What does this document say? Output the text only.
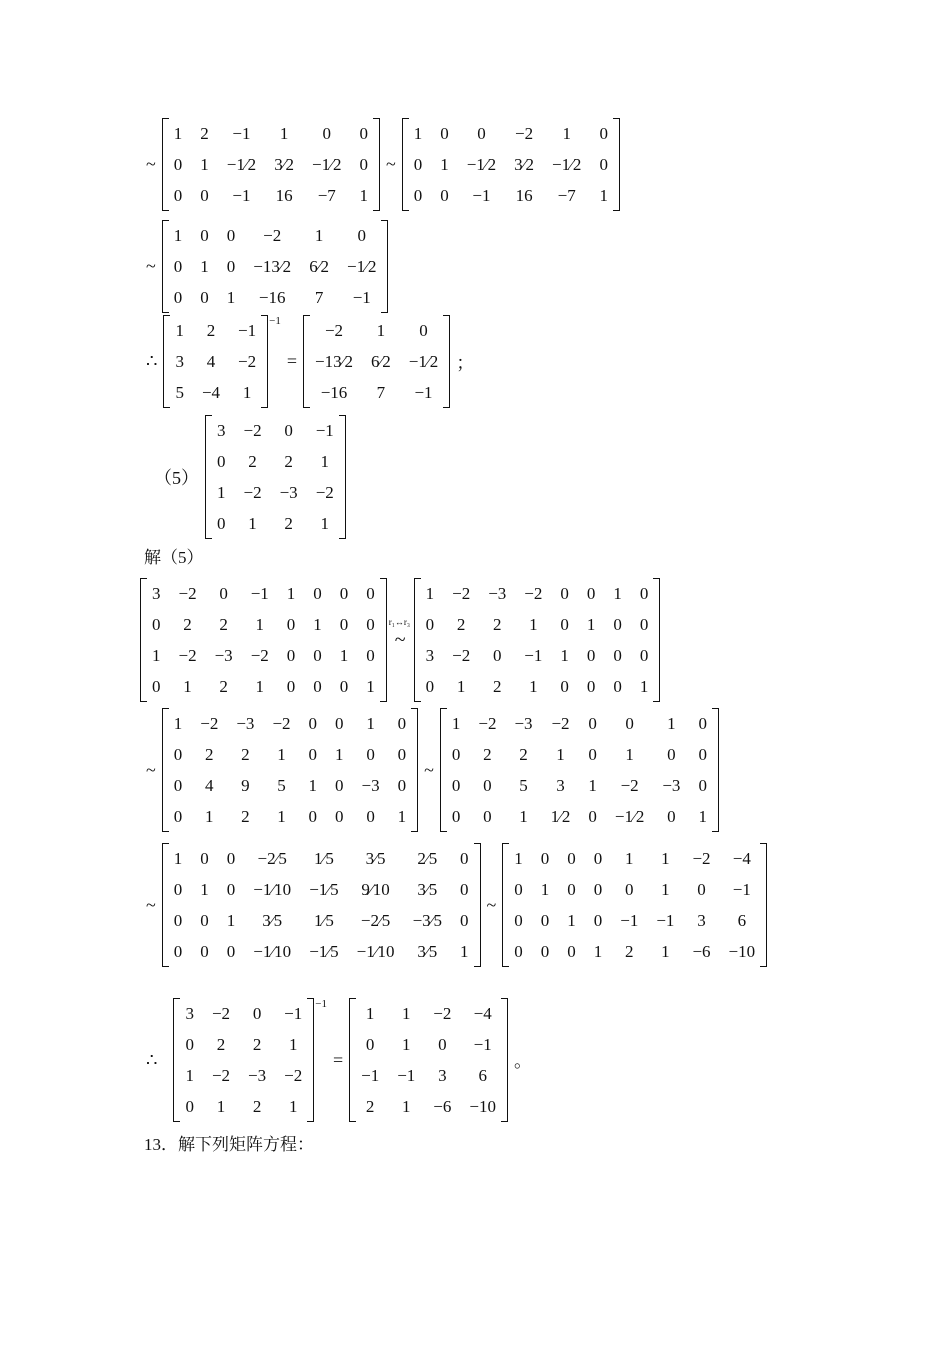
~
1	2	−1	1	0	0
0	1	−1⁄2	3⁄2	−1⁄2	0
0	0	−1	16	−7	1
~
1	0	0	−2	1	0
0	1	−1⁄2	3⁄2	−1⁄2	0
0	0	−1	16	−7	1
~
1	0	0	−2	1	0
0	1	0	−13⁄2	6⁄2	−1⁄2
0	0	1	−16	7	−1
∴
1	2	−1
3	4	−2
5	−4	1
−1
=
−2	1	0
−13⁄2	6⁄2	−1⁄2
−16	7	−1
；
（5）
3	−2	0	−1
0	2	2	1
1	−2	−3	−2
0	1	2	1
解（5）
3	−2	0	−1	1	0	0	0
0	2	2	1	0	1	0	0
1	−2	−3	−2	0	0	1	0
0	1	2	1	0	0	0	1
r₁↔r₃
~
1	−2	−3	−2	0	0	1	0
0	2	2	1	0	1	0	0
3	−2	0	−1	1	0	0	0
0	1	2	1	0	0	0	1
~
1	−2	−3	−2	0	0	1	0
0	2	2	1	0	1	0	0
0	4	9	5	1	0	−3	0
0	1	2	1	0	0	0	1
~
1	−2	−3	−2	0	0	1	0
0	2	2	1	0	1	0	0
0	0	5	3	1	−2	−3	0
0	0	1	1⁄2	0	−1⁄2	0	1
~
1	0	0	−2⁄5	1⁄5	3⁄5	2⁄5	0
0	1	0	−1⁄10	−1⁄5	9⁄10	3⁄5	0
0	0	1	3⁄5	1⁄5	−2⁄5	−3⁄5	0
0	0	0	−1⁄10	−1⁄5	−1⁄10	3⁄5	1
~
1	0	0	0	1	1	−2	−4
0	1	0	0	0	1	0	−1
0	0	1	0	−1	−1	3	6
0	0	0	1	2	1	−6	−10
∴
3	−2	0	−1
0	2	2	1
1	−2	−3	−2
0	1	2	1
−1
=
1	1	−2	−4
0	1	0	−1
−1	−1	3	6
2	1	−6	−10
。
13．解下列矩阵方程：
